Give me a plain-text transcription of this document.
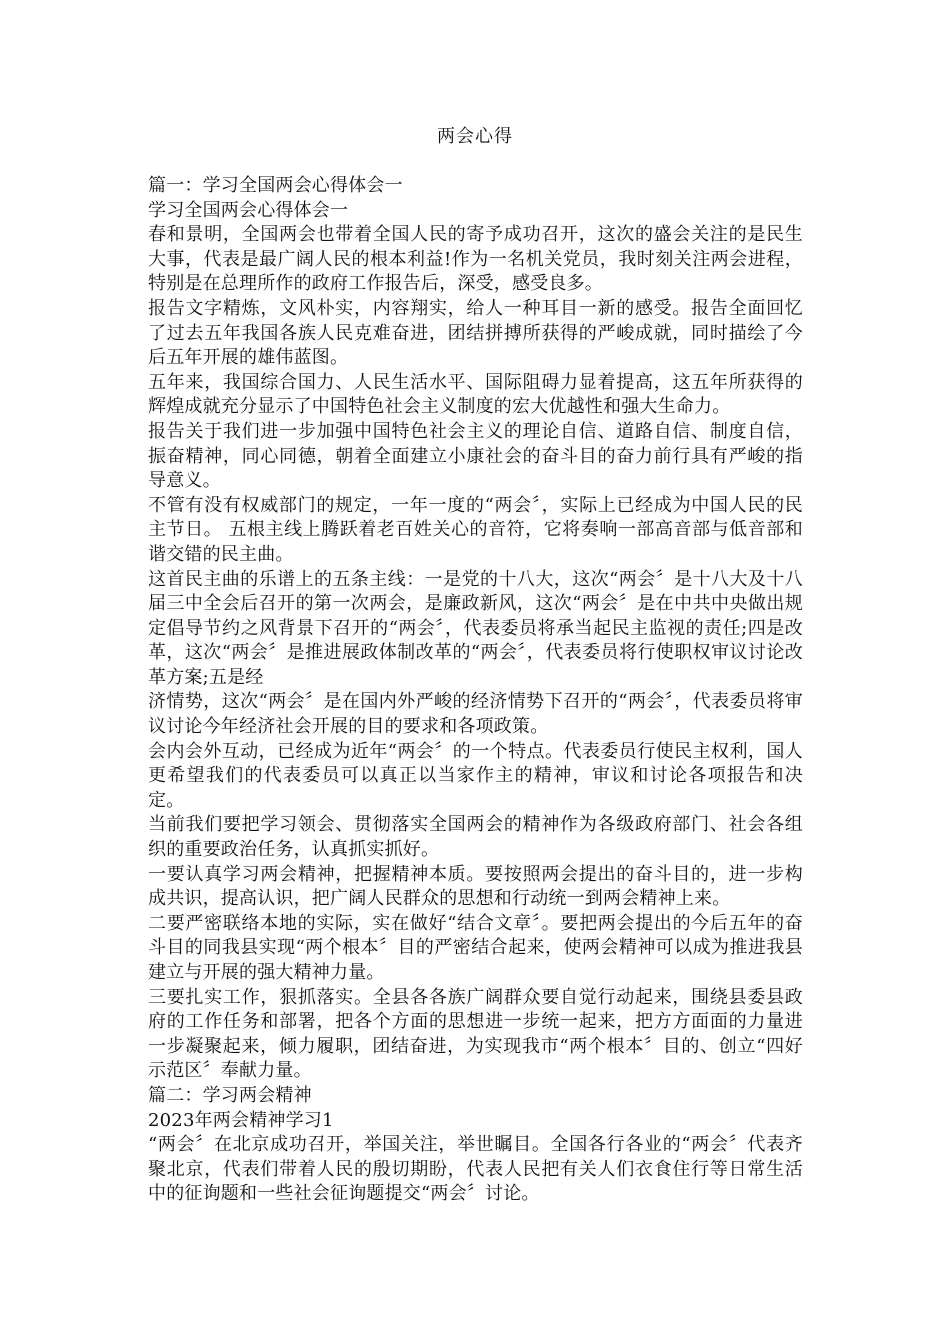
两会心得

篇一：学习全国两会心得体会一

学习全国两会心得体会一

春和景明，全国两会也带着全国人民的寄予成功召开，这次的盛会关注的是民生大事，代表是最广阔人民的根本利益!作为一名机关党员，我时刻关注两会进程，特别是在总理所作的政府工作报告后，深受，感受良多。

报告文字精炼，文风朴实，内容翔实，给人一种耳目一新的感受。报告全面回忆了过去五年我国各族人民克难奋进，团结拼搏所获得的严峻成就，同时描绘了今后五年开展的雄伟蓝图。

五年来，我国综合国力、人民生活水平、国际阻碍力显着提高，这五年所获得的辉煌成就充分显示了中国特色社会主义制度的宏大优越性和强大生命力。

报告关于我们进一步加强中国特色社会主义的理论自信、道路自信、制度自信，振奋精神，同心同德，朝着全面建立小康社会的奋斗目的奋力前行具有严峻的指导意义。

不管有没有权威部门的规定，一年一度的“两会〞，实际上已经成为中国人民的民主节日。 五根主线上腾跃着老百姓关心的音符，它将奏响一部高音部与低音部和谐交错的民主曲。

这首民主曲的乐谱上的五条主线：一是党的十八大，这次“两会〞是十八大及十八届三中全会后召开的第一次两会，是廉政新风，这次“两会〞是在中共中央做出规定倡导节约之风背景下召开的“两会〞，代表委员将承当起民主监视的责任;四是改革，这次“两会〞是推进展政体制改革的“两会〞，代表委员将行使职权审议讨论改革方案;五是经

济情势，这次“两会〞是在国内外严峻的经济情势下召开的“两会〞，代表委员将审议讨论今年经济社会开展的目的要求和各项政策。

会内会外互动，已经成为近年“两会〞的一个特点。代表委员行使民主权利，国人更希望我们的代表委员可以真正以当家作主的精神，审议和讨论各项报告和决定。

当前我们要把学习领会、贯彻落实全国两会的精神作为各级政府部门、社会各组织的重要政治任务，认真抓实抓好。

一要认真学习两会精神，把握精神本质。要按照两会提出的奋斗目的，进一步构成共识，提高认识，把广阔人民群众的思想和行动统一到两会精神上来。

二要严密联络本地的实际，实在做好“结合文章〞。要把两会提出的今后五年的奋斗目的同我县实现“两个根本〞目的严密结合起来，使两会精神可以成为推进我县建立与开展的强大精神力量。

三要扎实工作，狠抓落实。全县各各族广阔群众要自觉行动起来，围绕县委县政府的工作任务和部署，把各个方面的思想进一步统一起来，把方方面面的力量进一步凝聚起来，倾力履职，团结奋进，为实现我市“两个根本〞目的、创立“四好示范区〞奉献力量。

篇二：学习两会精神

2023年两会精神学习1

“两会〞在北京成功召开，举国关注，举世瞩目。全国各行各业的“两会〞代表齐聚北京，代表们带着人民的殷切期盼，代表人民把有关人们衣食住行等日常生活中的征询题和一些社会征询题提交“两会〞讨论。
